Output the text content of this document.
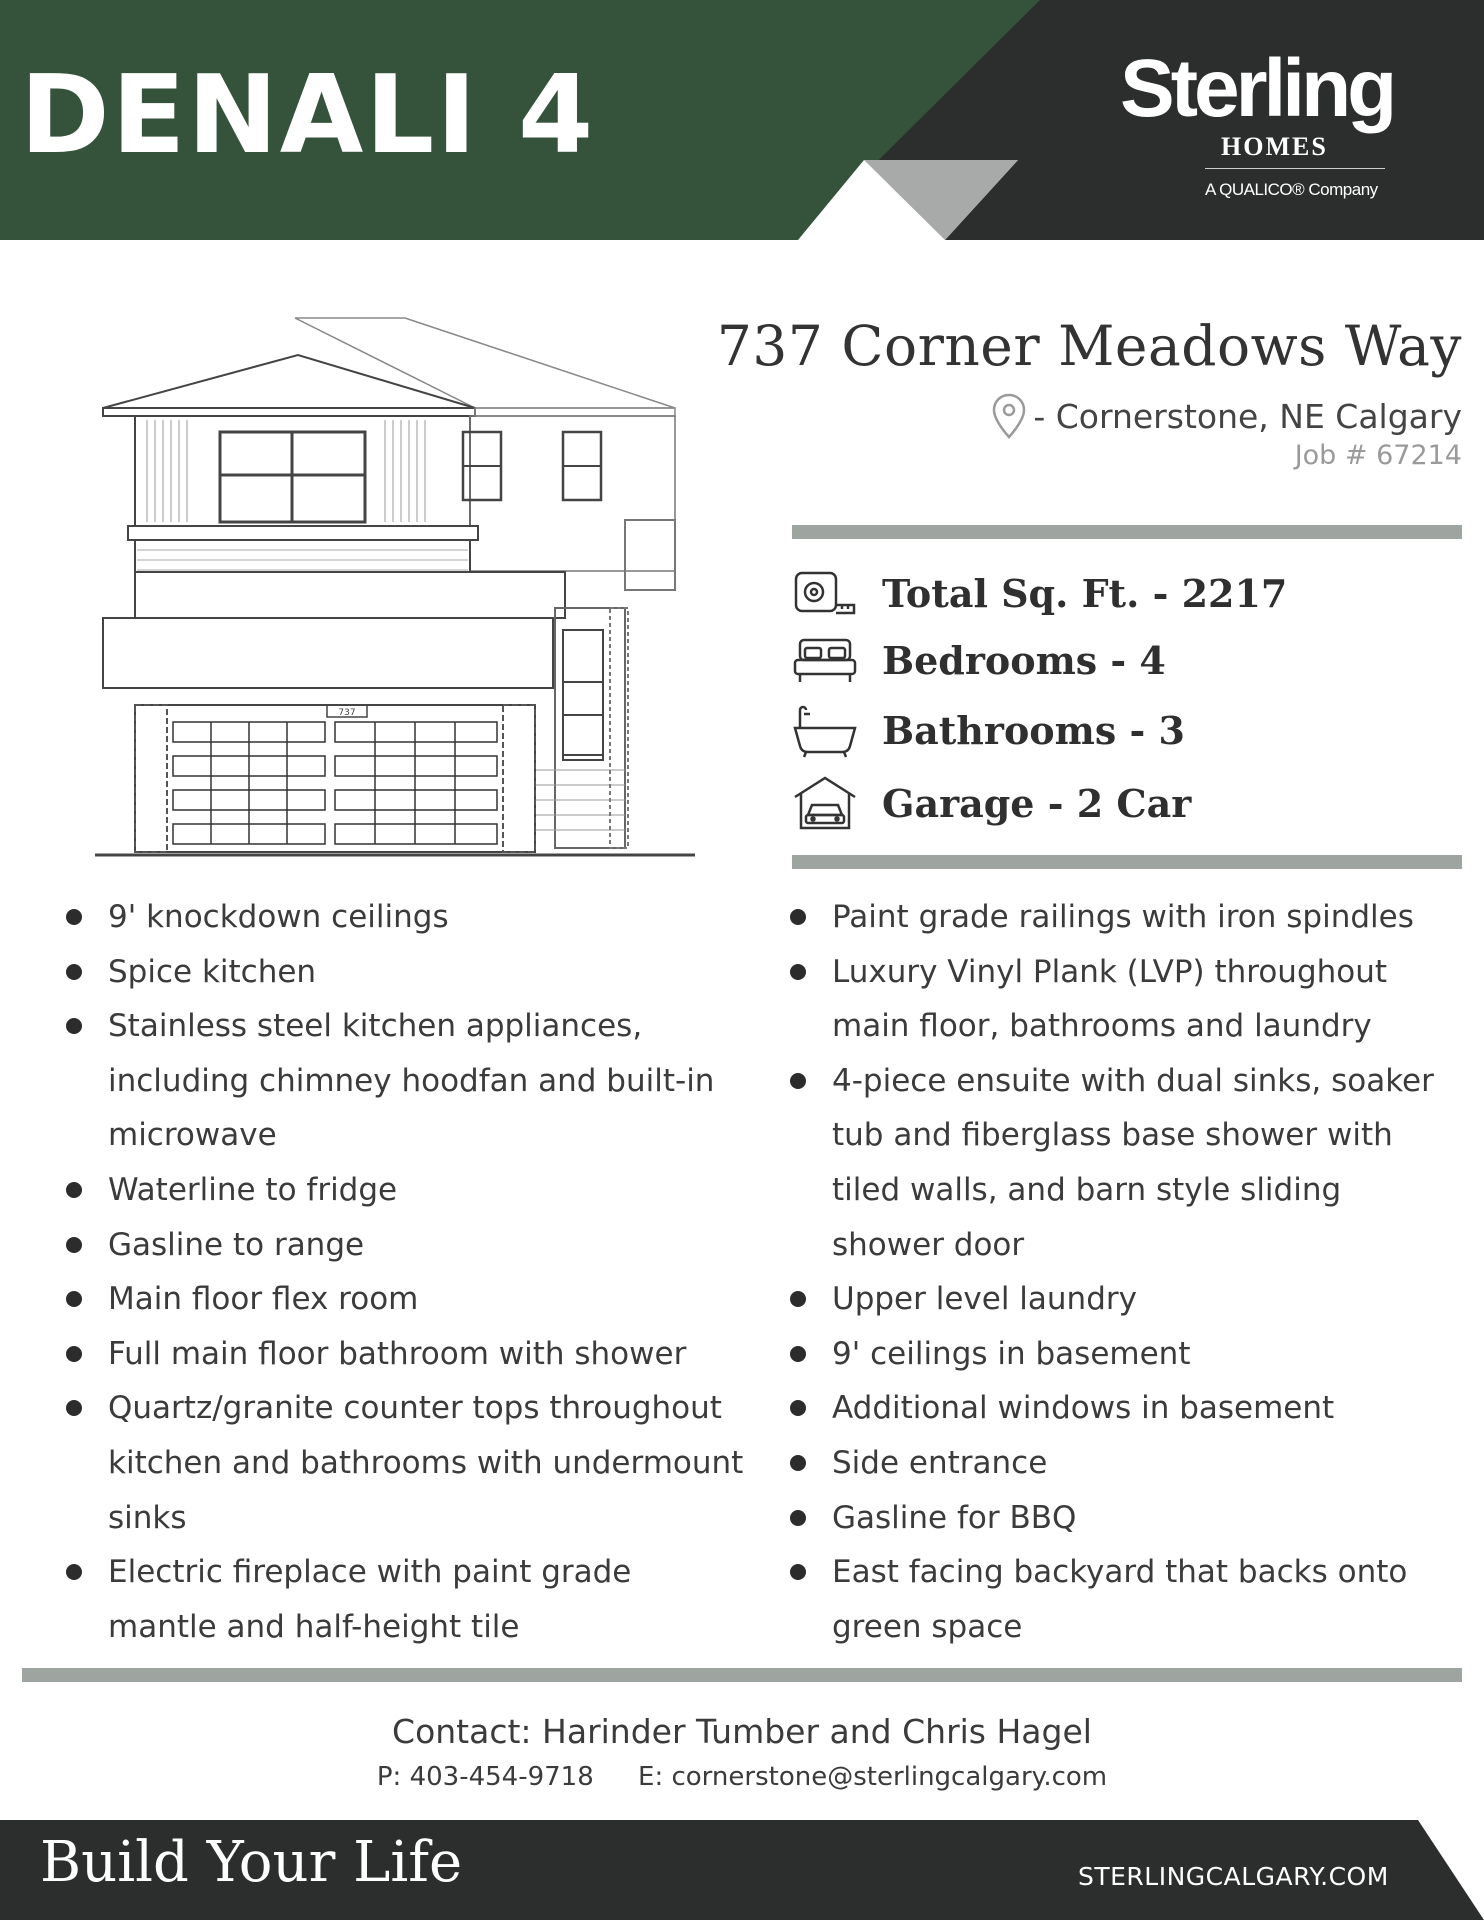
DENALI 4	Sterling
HOMES
A QUALICO® Company
737
737 Corner Meadows Way
- Cornerstone, NE Calgary
Job # 67214
Total Sq. Ft. - 2217
Bedrooms - 4
Bathrooms - 3
Garage - 2 Car
9' knockdown ceilings
Spice kitchen
Stainless steel kitchen appliances, including chimney hoodfan and built-in microwave
Waterline to fridge
Gasline to range
Main floor flex room
Full main floor bathroom with shower
Quartz/granite counter tops throughout kitchen and bathrooms with undermount sinks
Electric fireplace with paint grade mantle and half-height tile
Paint grade railings with iron spindles
Luxury Vinyl Plank (LVP) throughout main floor, bathrooms and laundry
4-piece ensuite with dual sinks, soaker tub and fiberglass base shower with tiled walls, and barn style sliding shower door
Upper level laundry
9' ceilings in basement
Additional windows in basement
Side entrance
Gasline for BBQ
East facing backyard that backs onto green space
Contact: Harinder Tumber and Chris Hagel
P: 403-454-9718 E: cornerstone@sterlingcalgary.com
Build Your Life	STERLINGCALGARY.COM
